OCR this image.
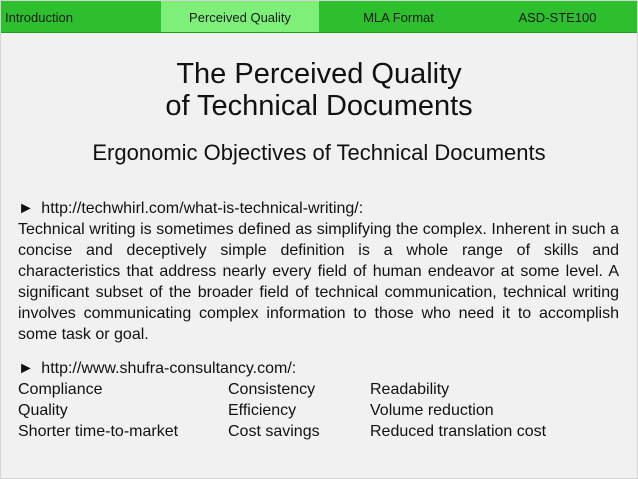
Introduction	Perceived Quality	MLA Format	ASD-STE100
The Perceived Quality
of Technical Documents
Ergonomic Objectives of Technical Documents
► http://techwhirl.com/what-is-technical-writing/:
Technical writing is sometimes defined as simplifying the complex. Inherent in such a concise and deceptively simple definition is a whole range of skills and characteristics that address nearly every field of human endeavor at some level. A significant subset of the broader field of technical communication, technical writing involves communicating complex information to those who need it to accomplish some task or goal.
► http://www.shufra-consultancy.com/:
Compliance	Consistency	Readability
Quality	Efficiency	Volume reduction
Shorter time-to-market	Cost savings	Reduced translation cost
